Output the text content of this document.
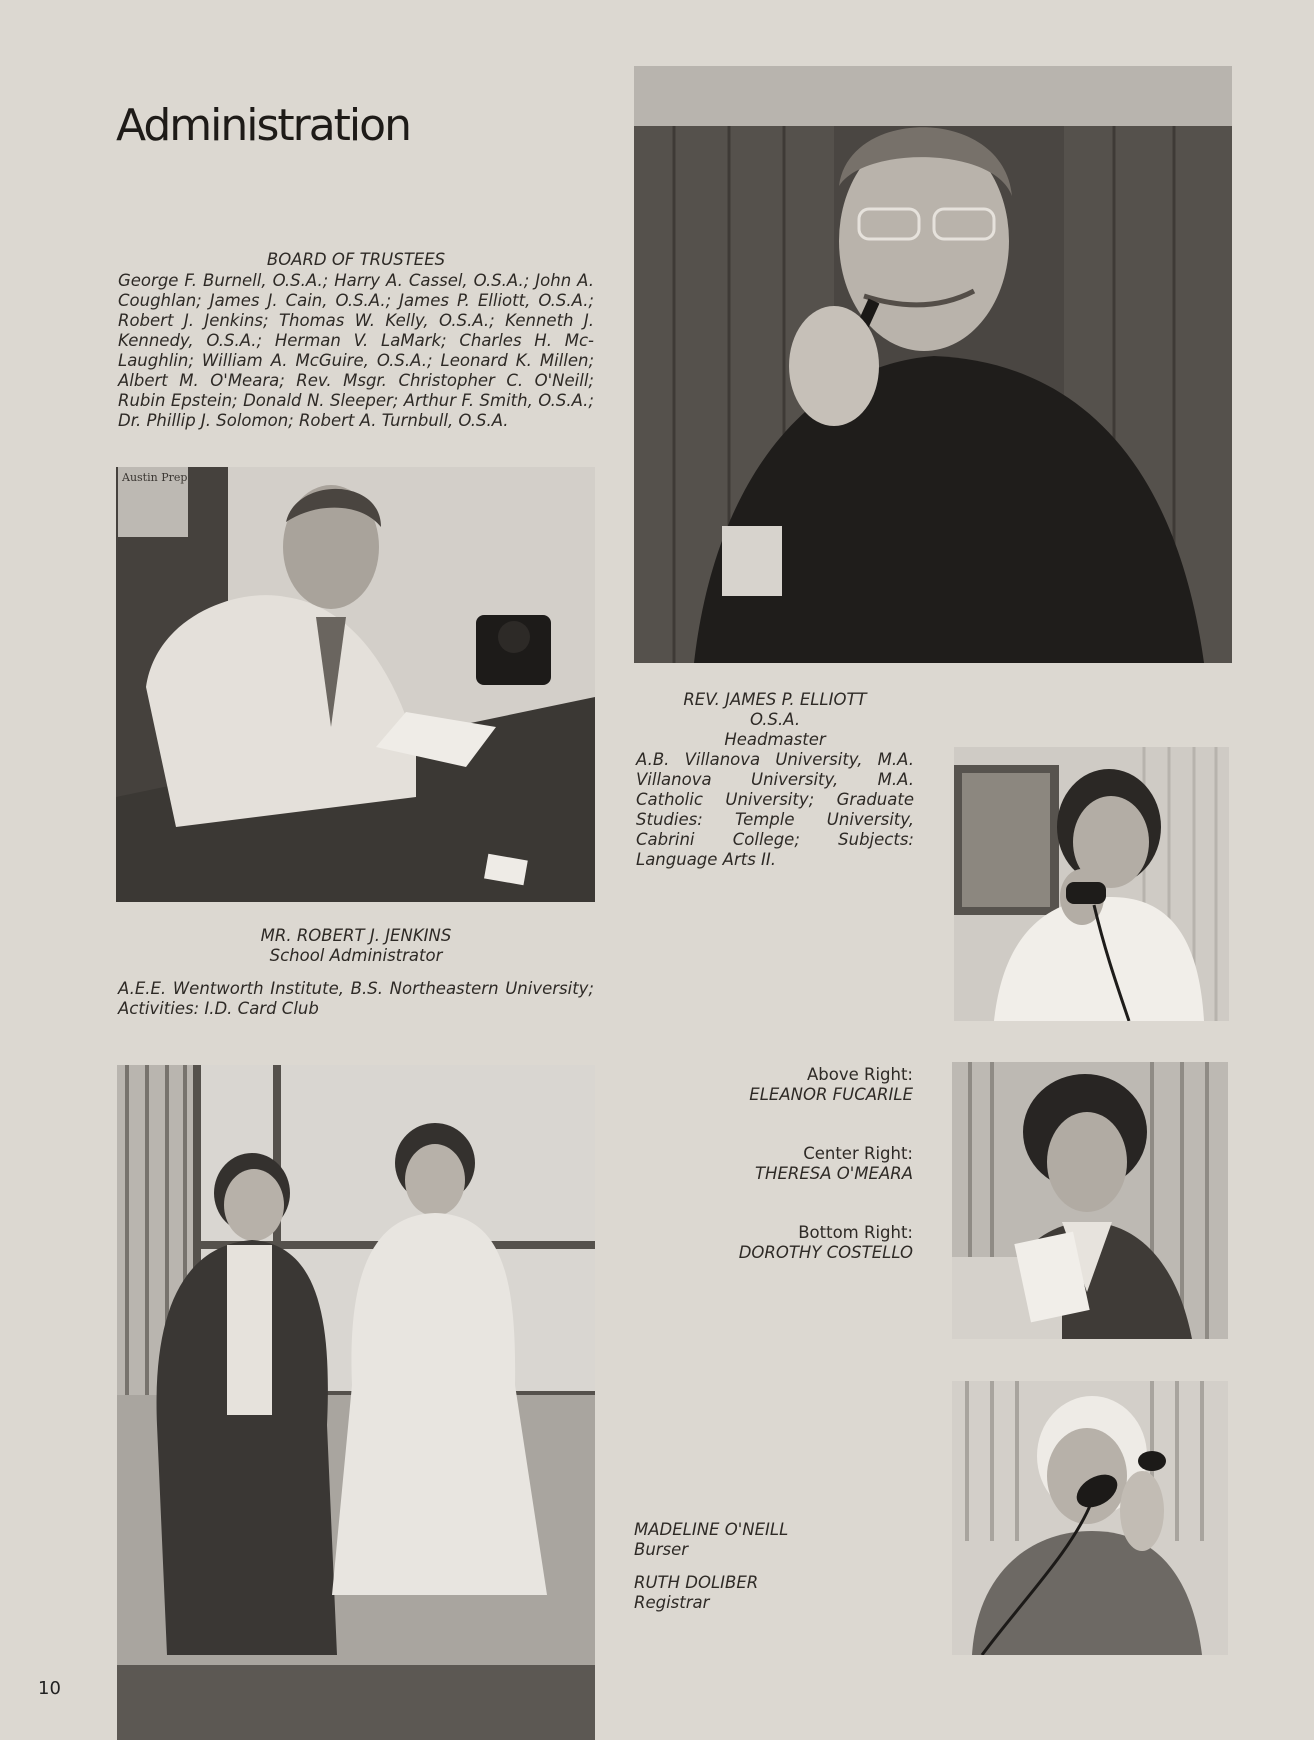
Administration
BOARD OF TRUSTEES
George F. Burnell, O.S.A.; Harry A. Cassel, O.S.A.; John A. Coughlan; James J. Cain, O.S.A.; James P. Elliott, O.S.A.; Robert J. Jenkins; Thomas W. Kelly, O.S.A.; Kenneth J. Kennedy, O.S.A.; Herman V. LaMark; Charles H. Mc-Laughlin; William A. McGuire, O.S.A.; Leonard K. Millen; Albert M. O'Meara; Rev. Msgr. Christopher C. O'Neill; Rubin Epstein; Donald N. Sleeper; Arthur F. Smith, O.S.A.; Dr. Phillip J. Solomon; Robert A. Turnbull, O.S.A.
REV. JAMES P. ELLIOTT
O.S.A.
Headmaster
A.B. Villanova University, M.A. Villanova University, M.A. Catholic University; Graduate Studies: Temple University, Cabrini College; Subjects: Language Arts II.
Austin Prep
MR. ROBERT J. JENKINS
School Administrator
A.E.E. Wentworth Institute, B.S. Northeastern University; Activities: I.D. Card Club
Above Right:
ELEANOR FUCARILE
Center Right:
THERESA O'MEARA
Bottom Right:
DOROTHY COSTELLO
MADELINE O'NEILL
Burser
RUTH DOLIBER
Registrar
10
